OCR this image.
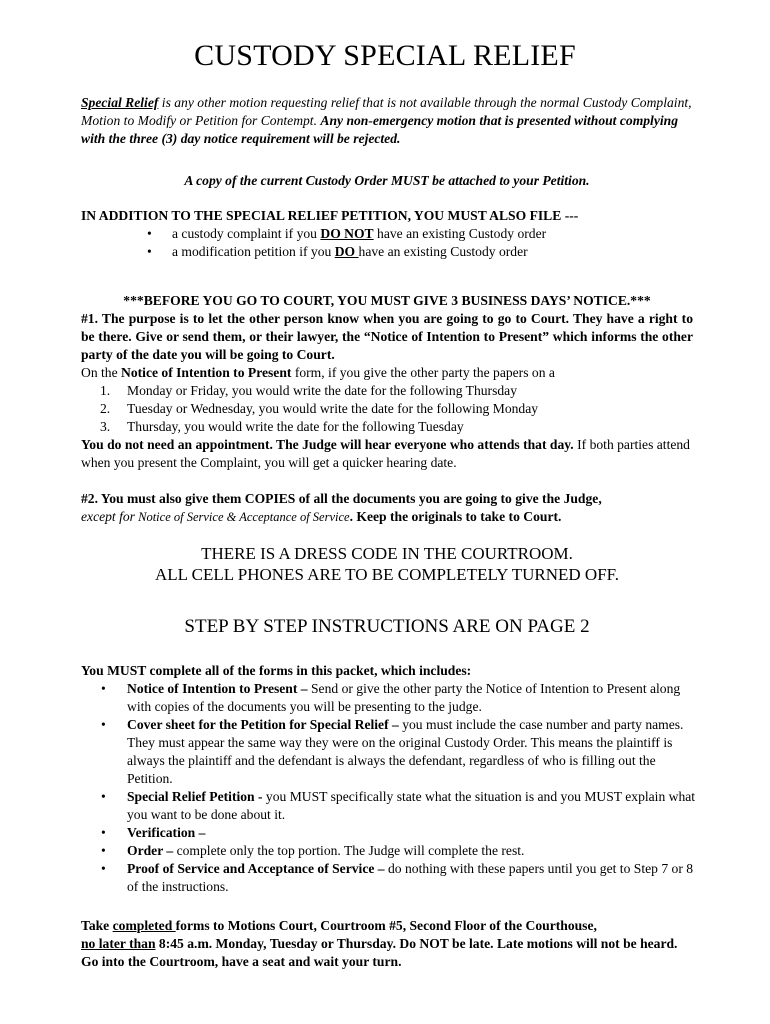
CUSTODY SPECIAL RELIEF
Special Relief is any other motion requesting relief that is not available through the normal Custody Complaint, Motion to Modify or Petition for Contempt. Any non-emergency motion that is presented without complying with the three (3) day notice requirement will be rejected.
A copy of the current Custody Order MUST be attached to your Petition.
IN ADDITION TO THE SPECIAL RELIEF PETITION, YOU MUST ALSO FILE ---
• a custody complaint if you DO NOT have an existing Custody order
• a modification petition if you DO have an existing Custody order
***BEFORE YOU GO TO COURT, YOU MUST GIVE 3 BUSINESS DAYS’ NOTICE.***
#1. The purpose is to let the other person know when you are going to go to Court. They have a right to be there. Give or send them, or their lawyer, the “Notice of Intention to Present” which informs the other party of the date you will be going to Court.
On the Notice of Intention to Present form, if you give the other party the papers on a
1. Monday or Friday, you would write the date for the following Thursday
2. Tuesday or Wednesday, you would write the date for the following Monday
3. Thursday, you would write the date for the following Tuesday
You do not need an appointment. The Judge will hear everyone who attends that day. If both parties attend when you present the Complaint, you will get a quicker hearing date.
#2. You must also give them COPIES of all the documents you are going to give the Judge,
except for Notice of Service & Acceptance of Service. Keep the originals to take to Court.
THERE IS A DRESS CODE IN THE COURTROOM.
ALL CELL PHONES ARE TO BE COMPLETELY TURNED OFF.
STEP BY STEP INSTRUCTIONS ARE ON PAGE 2
You MUST complete all of the forms in this packet, which includes:
• Notice of Intention to Present – Send or give the other party the Notice of Intention to Present along with copies of the documents you will be presenting to the judge.
• Cover sheet for the Petition for Special Relief – you must include the case number and party names. They must appear the same way they were on the original Custody Order. This means the plaintiff is always the plaintiff and the defendant is always the defendant, regardless of who is filling out the Petition.
• Special Relief Petition - you MUST specifically state what the situation is and you MUST explain what you want to be done about it.
• Verification –
• Order – complete only the top portion. The Judge will complete the rest.
• Proof of Service and Acceptance of Service – do nothing with these papers until you get to Step 7 or 8 of the instructions.
Take completed forms to Motions Court, Courtroom #5, Second Floor of the Courthouse,
no later than 8:45 a.m. Monday, Tuesday or Thursday. Do NOT be late. Late motions will not be heard. Go into the Courtroom, have a seat and wait your turn.
